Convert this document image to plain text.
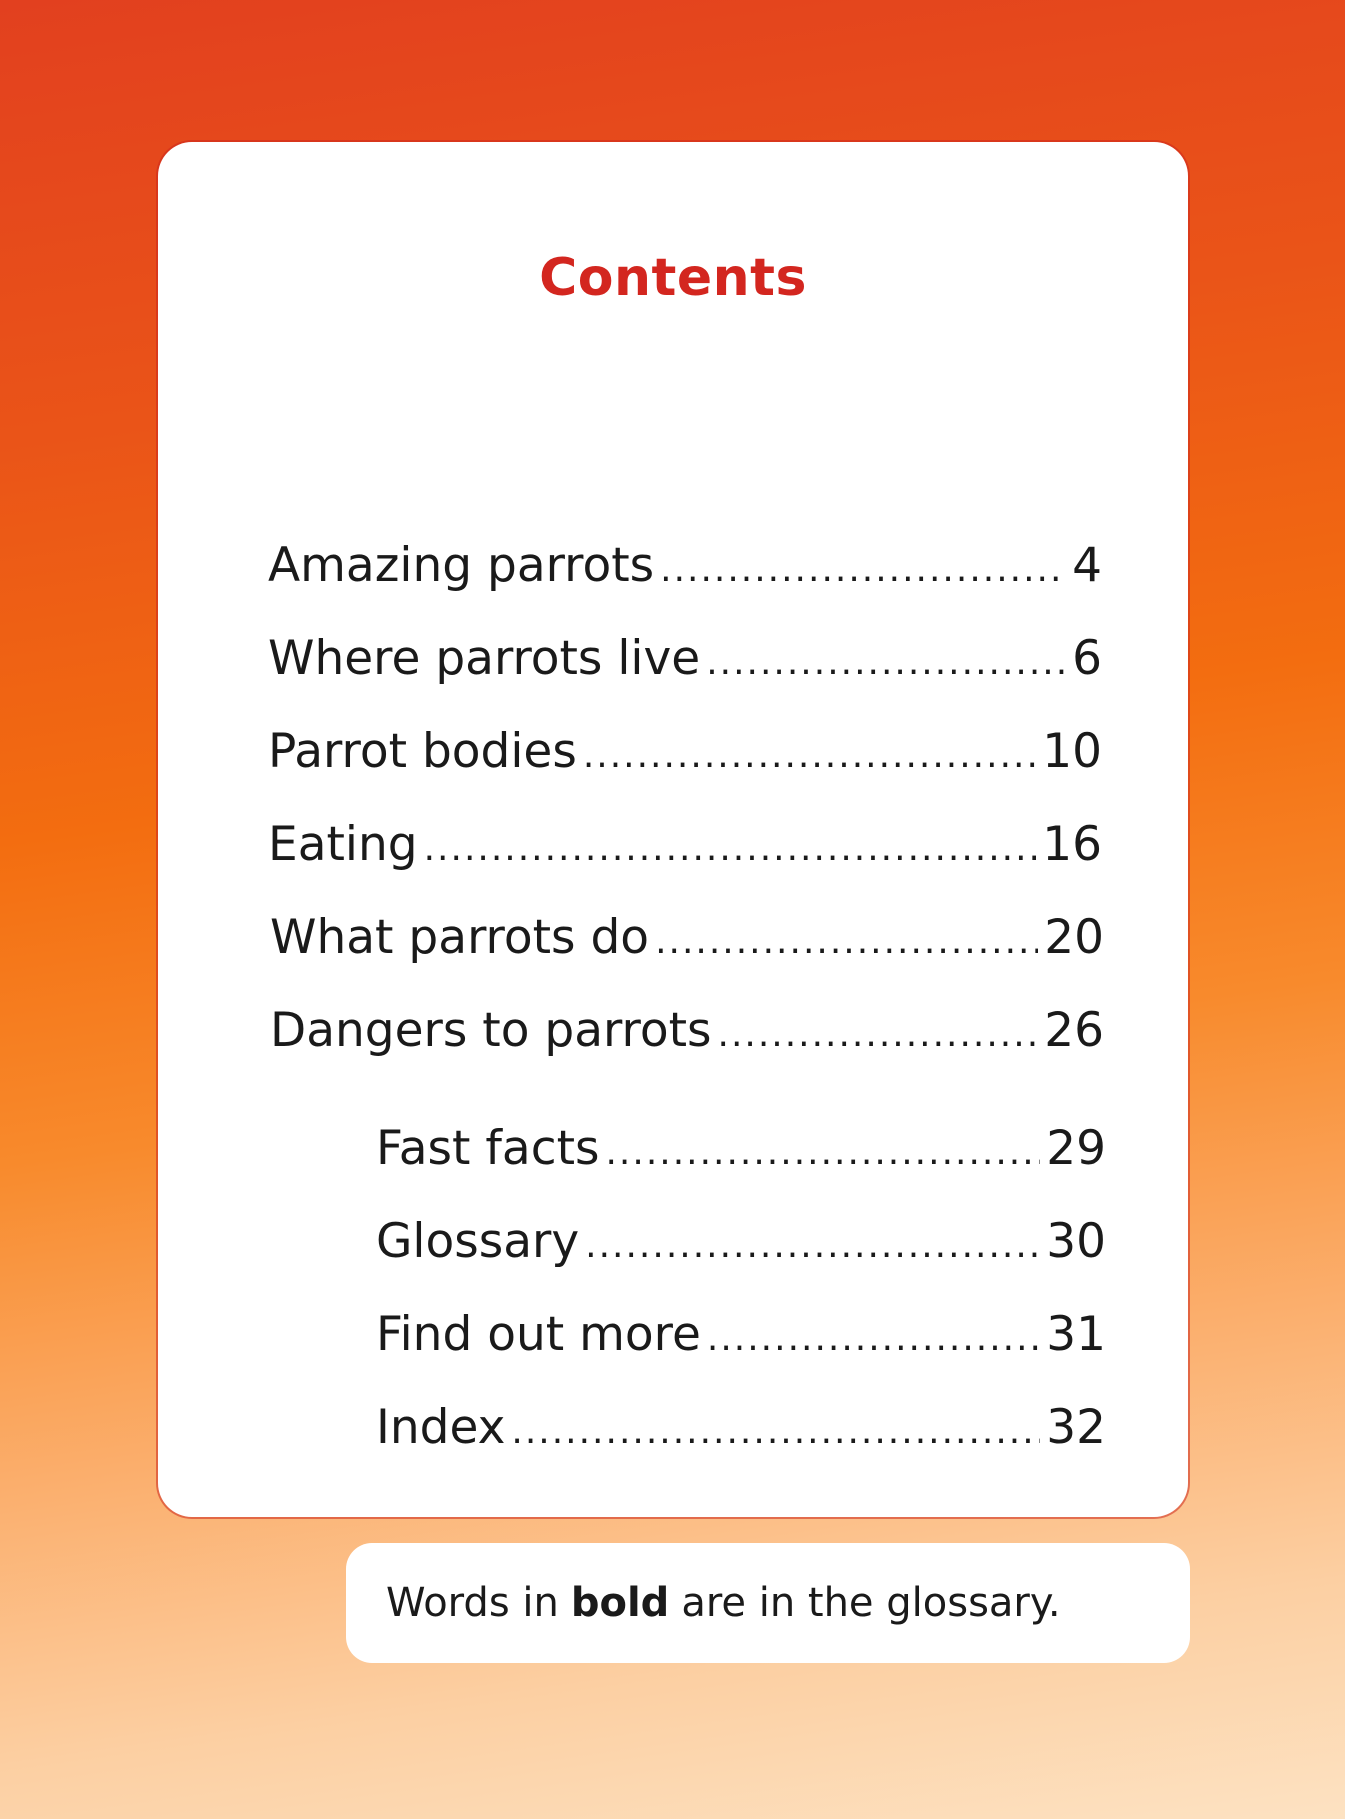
Contents
Amazing parrots .....	4
Where parrots live .....	6
Parrot bodies .....	10
Eating .....	16
What parrots do .....	20
Dangers to parrots .....	26
Fast facts .....	29
Glossary .....	30
Find out more .....	31
Index .....	32
Words in bold are in the glossary.
